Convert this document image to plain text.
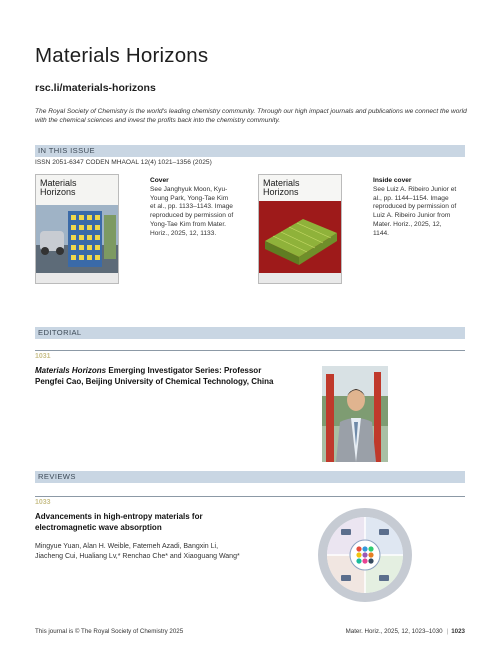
Materials Horizons
rsc.li/materials-horizons
The Royal Society of Chemistry is the world's leading chemistry community. Through our high impact journals and publications we connect the world with the chemical sciences and invest the profits back into the chemistry community.
IN THIS ISSUE
ISSN 2051-6347 CODEN MHAOAL 12(4) 1021–1356 (2025)
Materials
Horizons
Cover
See Janghyuk Moon, Kyu-Young Park, Yong-Tae Kim et al., pp. 1133–1143. Image reproduced by permission of Yong-Tae Kim from Mater. Horiz., 2025, 12, 1133.
Materials
Horizons
Inside cover
See Luiz A. Ribeiro Junior et al., pp. 1144–1154. Image reproduced by permission of Luiz A. Ribeiro Junior from Mater. Horiz., 2025, 12, 1144.
EDITORIAL
1031
Materials Horizons Emerging Investigator Series: Professor Pengfei Cao, Beijing University of Chemical Technology, China
REVIEWS
1033
Advancements in high-entropy materials for electromagnetic wave absorption
Mingyue Yuan, Alan H. Weible, Fatemeh Azadi, Bangxin Li, Jiacheng Cui, Hualiang Lv,* Renchao Che* and Xiaoguang Wang*
This journal is © The Royal Society of Chemistry 2025	Mater. Horiz., 2025, 12, 1023–1030 | 1023
